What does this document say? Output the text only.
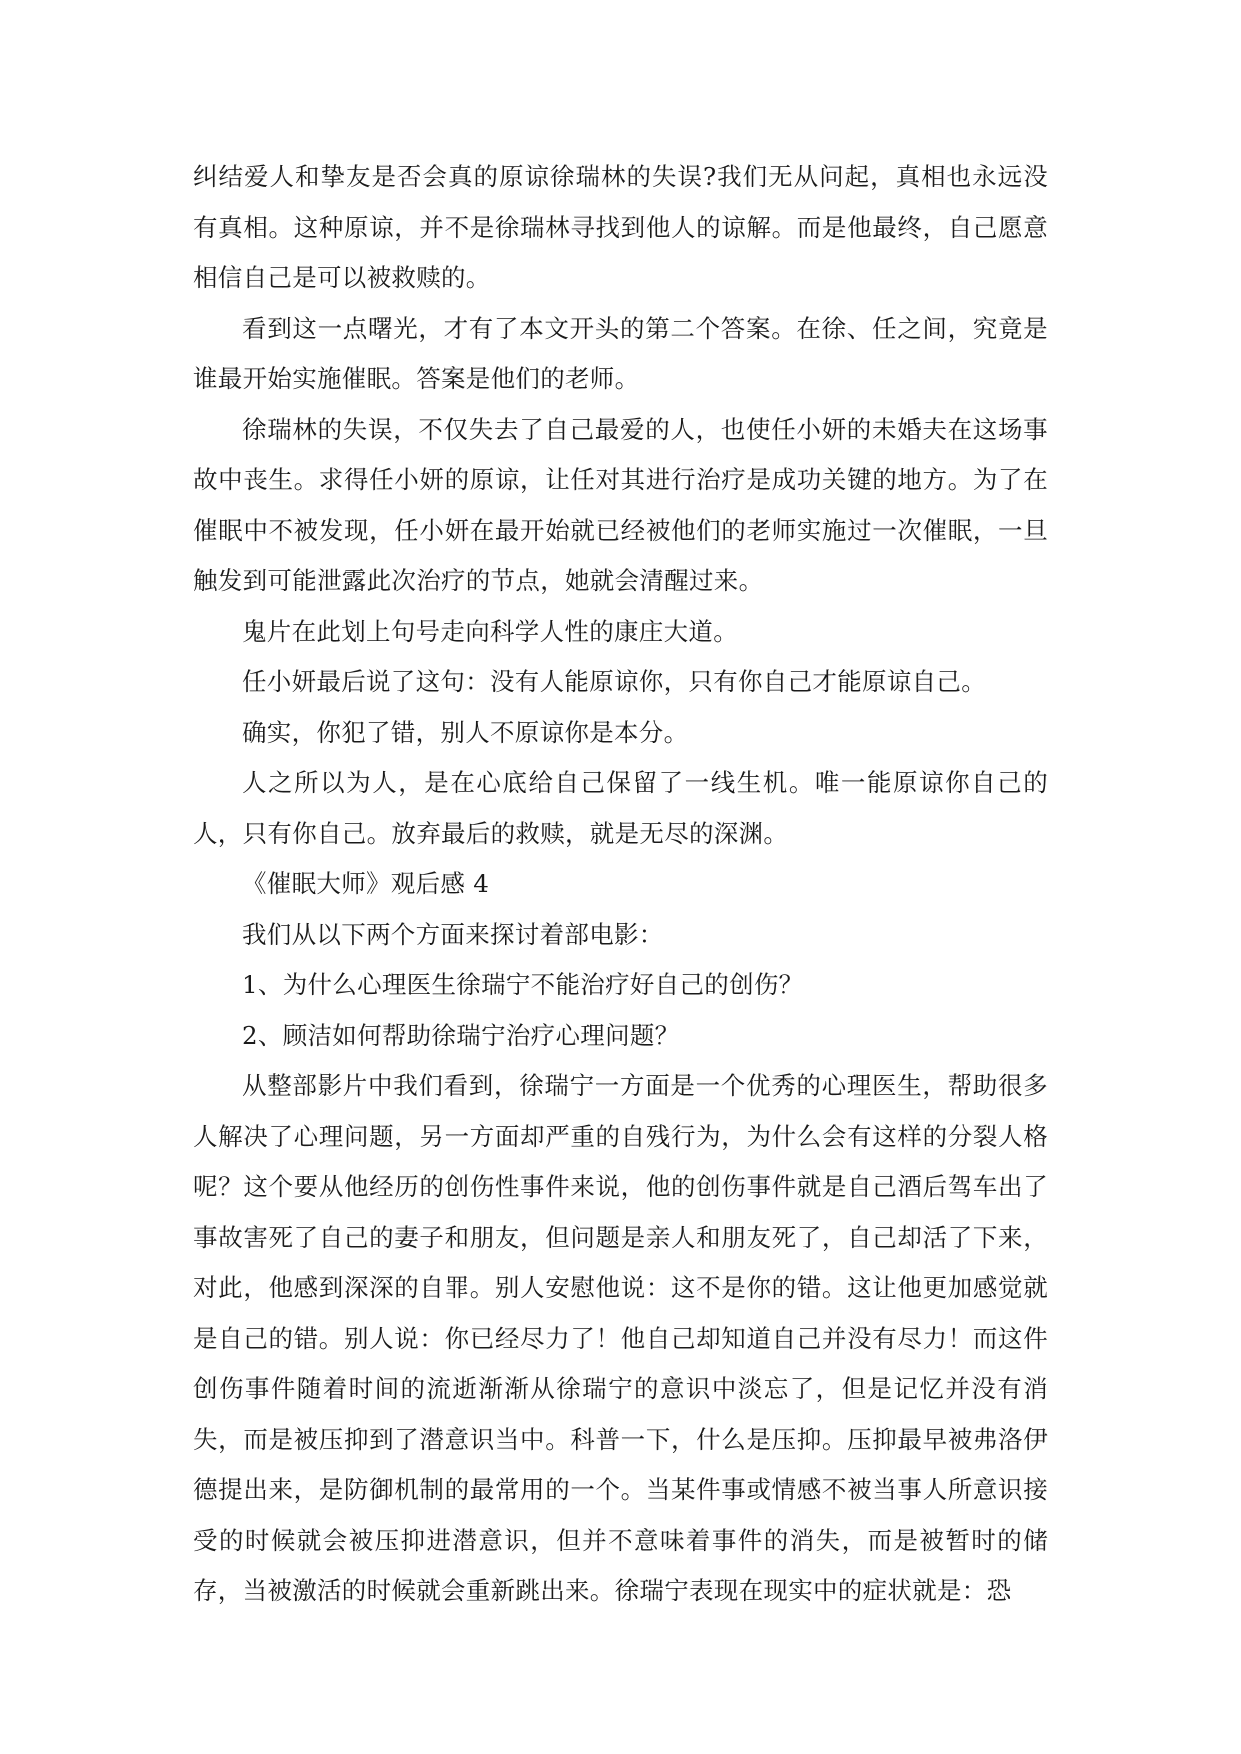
纠结爱人和挚友是否会真的原谅徐瑞林的失误?我们无从问起，真相也永远没有真相。这种原谅，并不是徐瑞林寻找到他人的谅解。而是他最终，自己愿意相信自己是可以被救赎的。

看到这一点曙光，才有了本文开头的第二个答案。在徐、任之间，究竟是谁最开始实施催眠。答案是他们的老师。

徐瑞林的失误，不仅失去了自己最爱的人，也使任小妍的未婚夫在这场事故中丧生。求得任小妍的原谅，让任对其进行治疗是成功关键的地方。为了在催眠中不被发现，任小妍在最开始就已经被他们的老师实施过一次催眠，一旦触发到可能泄露此次治疗的节点，她就会清醒过来。

鬼片在此划上句号走向科学人性的康庄大道。

任小妍最后说了这句：没有人能原谅你，只有你自己才能原谅自己。

确实，你犯了错，别人不原谅你是本分。

人之所以为人，是在心底给自己保留了一线生机。唯一能原谅你自己的人，只有你自己。放弃最后的救赎，就是无尽的深渊。

《催眠大师》观后感 4

我们从以下两个方面来探讨着部电影：

1、为什么心理医生徐瑞宁不能治疗好自己的创伤？

2、顾洁如何帮助徐瑞宁治疗心理问题？

从整部影片中我们看到，徐瑞宁一方面是一个优秀的心理医生，帮助很多人解决了心理问题，另一方面却严重的自残行为，为什么会有这样的分裂人格呢？这个要从他经历的创伤性事件来说，他的创伤事件就是自己酒后驾车出了事故害死了自己的妻子和朋友，但问题是亲人和朋友死了，自己却活了下来，对此，他感到深深的自罪。别人安慰他说：这不是你的错。这让他更加感觉就是自己的错。别人说：你已经尽力了！他自己却知道自己并没有尽力！而这件创伤事件随着时间的流逝渐渐从徐瑞宁的意识中淡忘了，但是记忆并没有消失，而是被压抑到了潜意识当中。科普一下，什么是压抑。压抑最早被弗洛伊德提出来，是防御机制的最常用的一个。当某件事或情感不被当事人所意识接受的时候就会被压抑进潜意识，但并不意味着事件的消失，而是被暂时的储存，当被激活的时候就会重新跳出来。徐瑞宁表现在现实中的症状就是：恐
